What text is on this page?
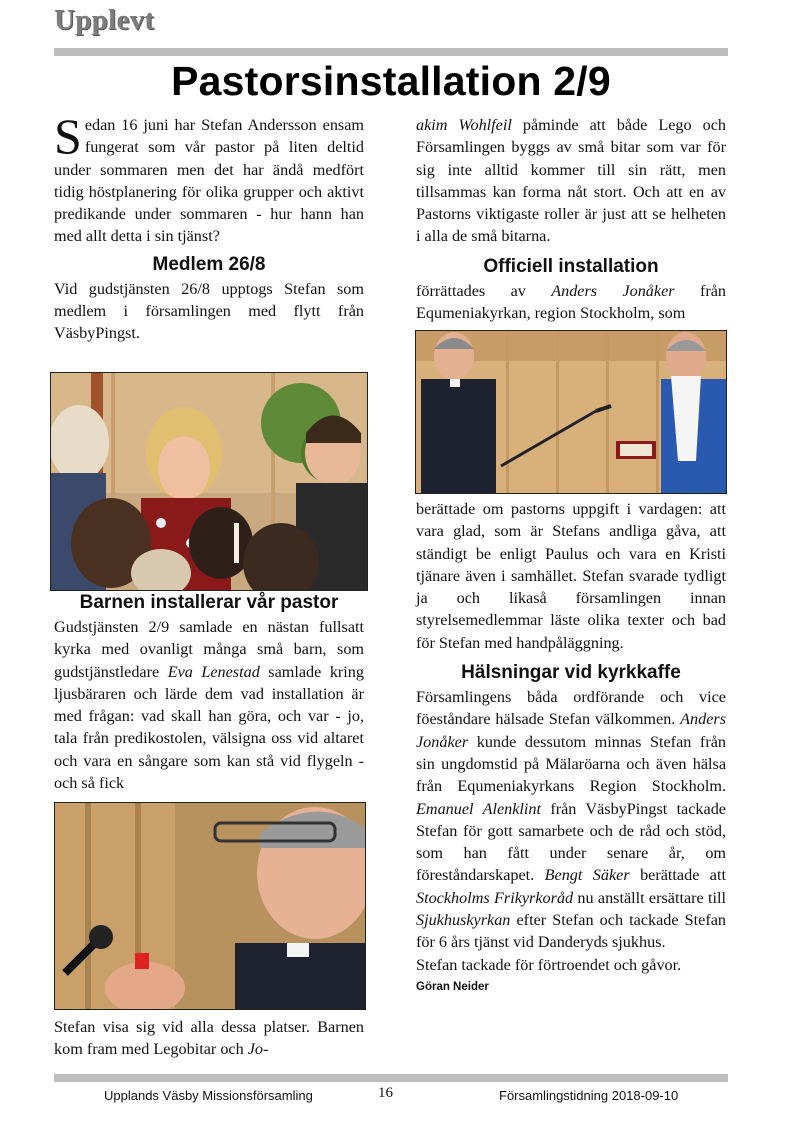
Upplevt
Pastorsinstallation 2/9

Sedan 16 juni har Stefan Andersson ensam fungerat som vår pastor på liten deltid under sommaren men det har ändå medfört tidig höstplanering för olika grupper och aktivt predikande under sommaren - hur hann han med allt detta i sin tjänst?

Medlem 26/8

Vid gudstjänsten 26/8 upptogs Stefan som medlem i församlingen med flytt från VäsbyPingst.

Barnen installerar vår pastor

Gudstjänsten 2/9 samlade en nästan fullsatt kyrka med ovanligt många små barn, som gudstjänstledare Eva Lenestad samlade kring ljusbäraren och lärde dem vad installation är med frågan: vad skall han göra, och var - jo, tala från predikostolen, välsigna oss vid altaret och vara en sångare som kan stå vid flygeln - och så fick

Stefan visa sig vid alla dessa platser. Barnen kom fram med Legobitar och Jo-

akim Wohlfeil påminde att både Lego och Församlingen byggs av små bitar som var för sig inte alltid kommer till sin rätt, men tillsammas kan forma nåt stort. Och att en av Pastorns viktigaste roller är just att se helheten i alla de små bitarna.

Officiell installation

förrättades av Anders Jonåker från Equmeniakyrkan, region Stockholm, som

berättade om pastorns uppgift i vardagen: att vara glad, som är Stefans andliga gåva, att ständigt be enligt Paulus och vara en Kristi tjänare även i samhället. Stefan svarade tydligt ja och likaså församlingen innan styrelsemedlemmar läste olika texter och bad för Stefan med handpåläggning.

Hälsningar vid kyrkkaffe

Församlingens båda ordförande och vice föeståndare hälsade Stefan välkommen. Anders Jonåker kunde dessutom minnas Stefan från sin ungdomstid på Mälaröarna och även hälsa från Equmeniakyrkans Region Stockholm. Emanuel Alenklint från VäsbyPingst tackade Stefan för gott samarbete och de råd och stöd, som han fått under senare år, om föreståndarskapet. Bengt Säker berättade att Stockholms Frikyrkoråd nu anställt ersättare till Sjukhuskyrkan efter Stefan och tackade Stefan för 6 års tjänst vid Danderyds sjukhus.

Stefan tackade för förtroendet och gåvor.

Göran Neider

Upplands Väsby Missionsförsamling	16	Församlingstidning 2018-09-10
